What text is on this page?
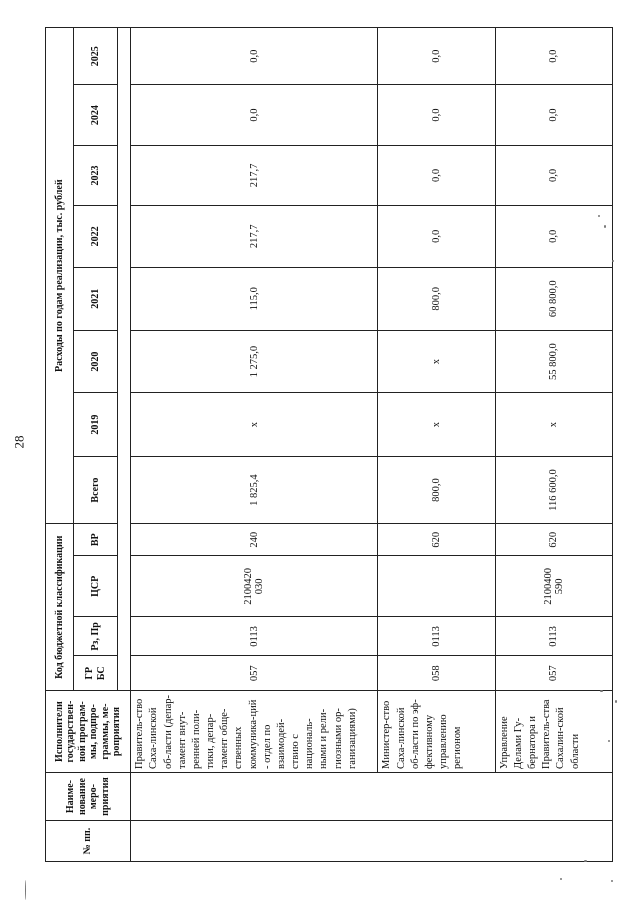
28
№ пп.	Наиме-нование меро-приятия	Исполнители государствен-ной програм-мы, подпро-граммы, ме-роприятия	Код бюджетной классификации				Расходы по годам реализации, тыс. рублей							
			ГР БС	Рз, Пр	ЦСР	ВР	Всего	2019	2020	2021	2022	2023	2024	2025

		Правитель-ство Саха-линской об-ласти (депар-тамент внут-ренней поли-тики, депар-тамент обще-ственных коммуника-ций - отдел по взаимодей-ствию с националь-ными и рели-гиозными ор-ганизациями)	057	0113	2100420 030	240	1 825,4	x	1 275,0	115,0	217,7	217,7	0,0	0,0
		Министер-ство Саха-линской об-ласти по эф-фективному управлению регионом	058	0113		620	800,0	x	x	800,0	0,0	0,0	0,0	0,0
		Управление Делами Гу-бернатора и Правитель-ства Сахалин-ской области	057	0113	2100400 590	620	116 600,0	x	55 800,0	60 800,0	0,0	0,0	0,0	0,0
